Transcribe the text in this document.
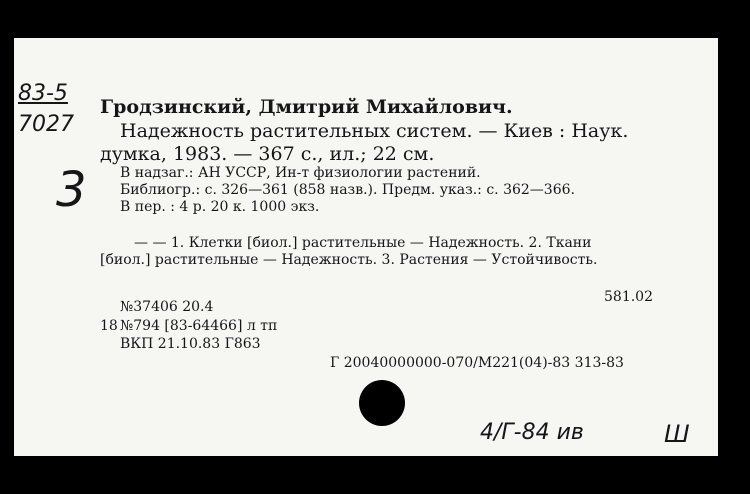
83-5
7027
3
Гродзинский, Дмитрий Михайлович.
Надежность растительных систем. — Киев : Наук.
думка, 1983. — 367 с., ил.; 22 см.
В надзаг.: АН УССР, Ин-т физиологии растений.
Библиогр.: с. 326—361 (858 назв.). Предм. указ.: с. 362—366.
В пер. : 4 р. 20 к. 1000 экз.
— — 1. Клетки [биол.] растительные — Надежность. 2. Ткани
[биол.] растительные — Надежность. 3. Растения — Устойчивость.
581.02
№37406 20.4
18 №794 [83-64466] л тп
ВКП 21.10.83 Г863
Г 20040000000-070/М221(04)-83 313-83
4/Г-84 ив	Ш
